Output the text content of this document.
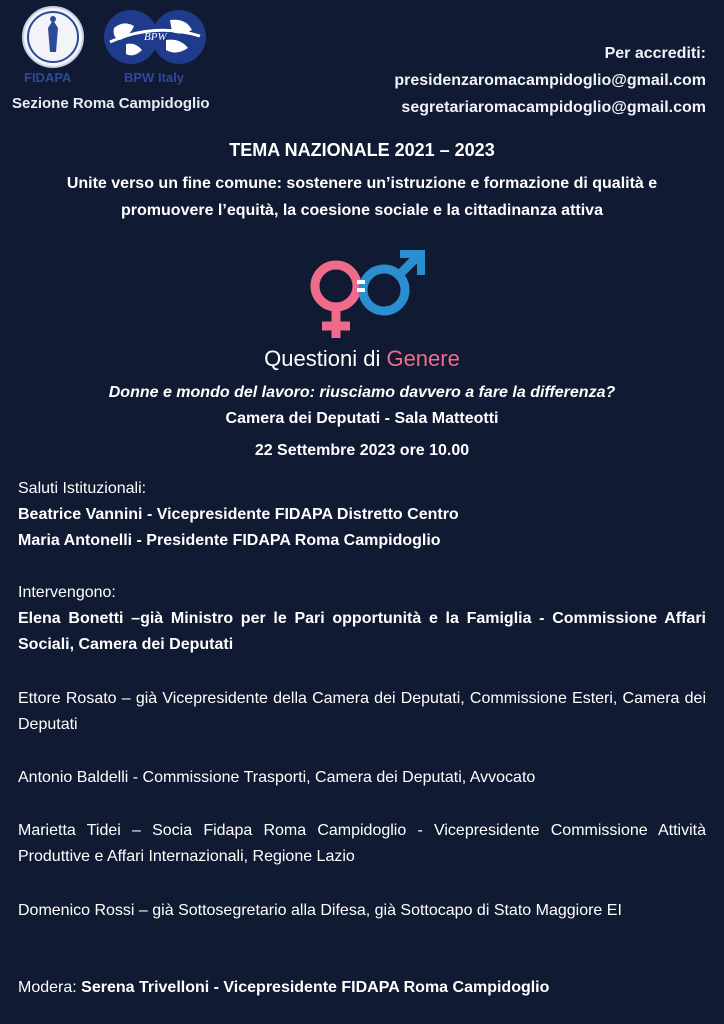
BPW
FIDAPA	BPW Italy
Sezione Roma Campidoglio
Per accrediti:
presidenzaromacampidoglio@gmail.com
segretariaromacampidoglio@gmail.com
TEMA NAZIONALE 2021 – 2023
Unite verso un fine comune: sostenere un’istruzione e formazione di qualità e promuovere l’equità, la coesione sociale e la cittadinanza attiva
Questioni di Genere
Donne e mondo del lavoro: riusciamo davvero a fare la differenza?
Camera dei Deputati - Sala Matteotti
22 Settembre 2023 ore 10.00
Saluti Istituzionali:
Beatrice Vannini - Vicepresidente FIDAPA Distretto Centro
Maria Antonelli - Presidente FIDAPA Roma Campidoglio
Intervengono:
Elena Bonetti –già Ministro per le Pari opportunità e la Famiglia - Commissione Affari Sociali, Camera dei Deputati
Ettore Rosato – già Vicepresidente della Camera dei Deputati, Commissione Esteri, Camera dei Deputati
Antonio Baldelli - Commissione Trasporti, Camera dei Deputati, Avvocato
Marietta Tidei – Socia Fidapa Roma Campidoglio - Vicepresidente Commissione Attività Produttive e Affari Internazionali, Regione Lazio
Domenico Rossi – già Sottosegretario alla Difesa, già Sottocapo di Stato Maggiore EI
Modera: Serena Trivelloni - Vicepresidente FIDAPA Roma Campidoglio
